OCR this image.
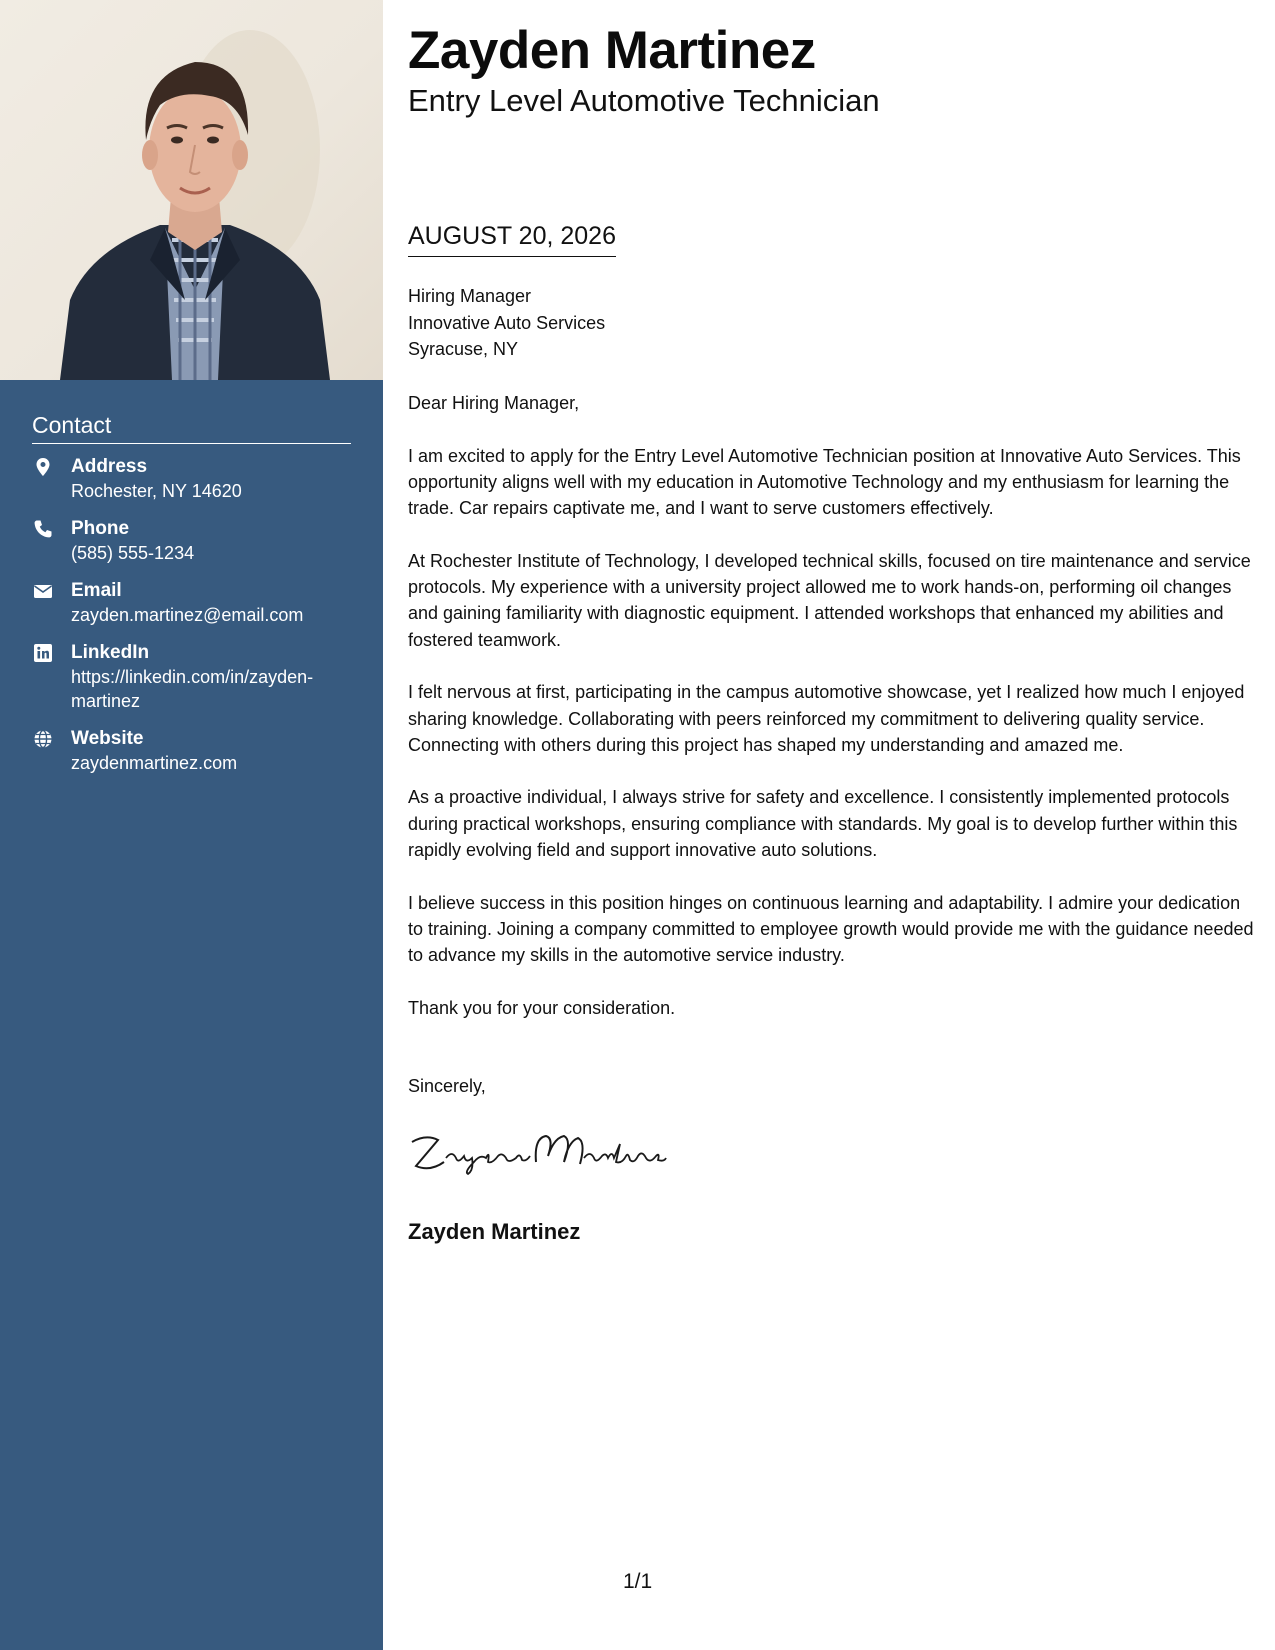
Contact
Address
Rochester, NY 14620
Phone
(585) 555-1234
Email
zayden.martinez@email.com
LinkedIn
https://linkedin.com/in/zayden-martinez
Website
zaydenmartinez.com
Zayden Martinez
Entry Level Automotive Technician
AUGUST 20, 2026
Hiring Manager
Innovative Auto Services
Syracuse, NY

Dear Hiring Manager,

I am excited to apply for the Entry Level Automotive Technician position at Innovative Auto Services. This opportunity aligns well with my education in Automotive Technology and my enthusiasm for learning the trade. Car repairs captivate me, and I want to serve customers effectively.

At Rochester Institute of Technology, I developed technical skills, focused on tire maintenance and service protocols. My experience with a university project allowed me to work hands-on, performing oil changes and gaining familiarity with diagnostic equipment. I attended workshops that enhanced my abilities and fostered teamwork.

I felt nervous at first, participating in the campus automotive showcase, yet I realized how much I enjoyed sharing knowledge. Collaborating with peers reinforced my commitment to delivering quality service. Connecting with others during this project has shaped my understanding and amazed me.

As a proactive individual, I always strive for safety and excellence. I consistently implemented protocols during practical workshops, ensuring compliance with standards. My goal is to develop further within this rapidly evolving field and support innovative auto solutions.

I believe success in this position hinges on continuous learning and adaptability. I admire your dedication to training. Joining a company committed to employee growth would provide me with the guidance needed to advance my skills in the automotive service industry.

Thank you for your consideration.

Sincerely,
Zayden Martinez
1/1
